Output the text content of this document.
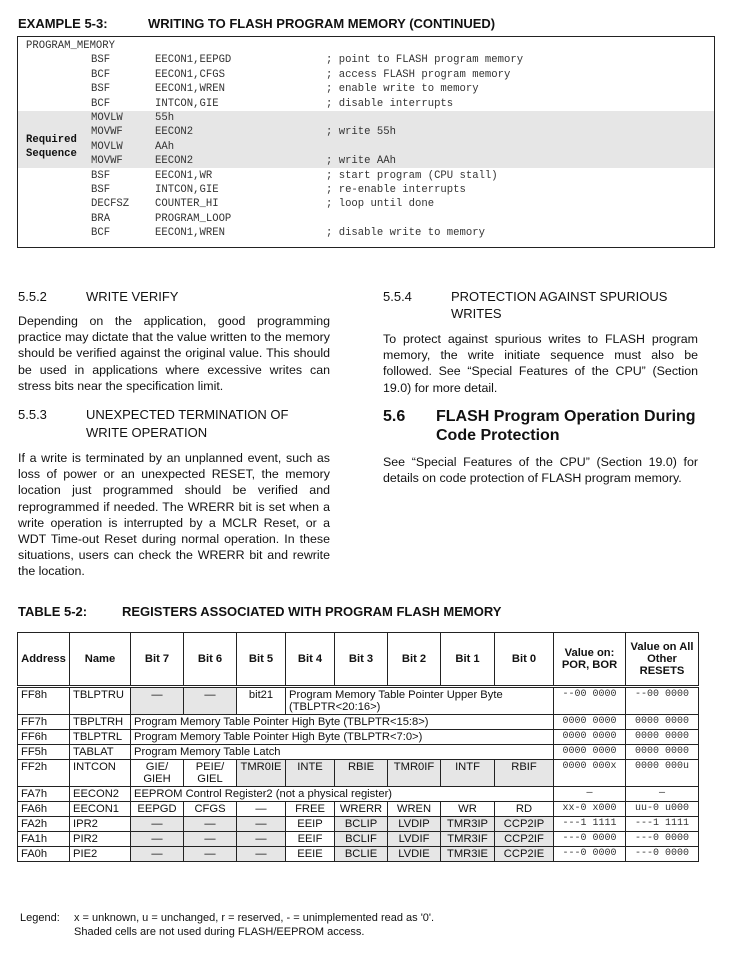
EXAMPLE 5-3:	WRITING TO FLASH PROGRAM MEMORY (CONTINUED)
Required
Sequence
PROGRAM_MEMORY
BSF	EECON1,EEPGD	; point to FLASH program memory
BCF	EECON1,CFGS	; access FLASH program memory
BSF	EECON1,WREN	; enable write to memory
BCF	INTCON,GIE	; disable interrupts
MOVLW	55h
MOVWF	EECON2	; write 55h
MOVLW	AAh
MOVWF	EECON2	; write AAh
BSF	EECON1,WR	; start program (CPU stall)
BSF	INTCON,GIE	; re-enable interrupts
DECFSZ COUNTER_HI	; loop until done
BRA	PROGRAM_LOOP
BCF	EECON1,WREN	; disable write to memory
5.5.2	WRITE VERIFY
Depending on the application, good programming practice may dictate that the value written to the memory should be verified against the original value. This should be used in applications where excessive writes can stress bits near the specification limit.
5.5.3	UNEXPECTED TERMINATION OF
WRITE OPERATION
If a write is terminated by an unplanned event, such as loss of power or an unexpected RESET, the memory location just programmed should be verified and reprogrammed if needed. The WRERR bit is set when a write operation is interrupted by a MCLR Reset, or a WDT Time-out Reset during normal operation. In these situations, users can check the WRERR bit and rewrite the location.
5.5.4	PROTECTION AGAINST SPURIOUS
WRITES
To protect against spurious writes to FLASH program memory, the write initiate sequence must also be followed. See “Special Features of the CPU” (Section 19.0) for more detail.
5.6 FLASH Program Operation During
Code Protection
See “Special Features of the CPU” (Section 19.0) for details on code protection of FLASH program memory.
TABLE 5-2:	REGISTERS ASSOCIATED WITH PROGRAM FLASH MEMORY
Address	Name	Bit 7	Bit 6	Bit 5	Bit 4	Bit 3	Bit 2	Bit 1	Bit 0	Value on: POR, BOR	Value on All Other RESETS
FF8h	TBLPTRU	—	—	bit21	Program Memory Table Pointer Upper Byte (TBLPTR<20:16>)					--00 0000	--00 0000
FF7h	TBPLTRH	Program Memory Table Pointer High Byte (TBLPTR<15:8>)								0000 0000	0000 0000
FF6h	TBLPTRL	Program Memory Table Pointer High Byte (TBLPTR<7:0>)								0000 0000	0000 0000
FF5h	TABLAT	Program Memory Table Latch								0000 0000	0000 0000
FF2h	INTCON	GIE/ GIEH	PEIE/ GIEL	TMR0IE	INTE	RBIE	TMR0IF	INTF	RBIF	0000 000x	0000 000u
FA7h	EECON2	EEPROM Control Register2 (not a physical register)								—	—
FA6h	EECON1	EEPGD	CFGS	—	FREE	WRERR	WREN	WR	RD	xx-0 x000	uu-0 u000
FA2h	IPR2	—	—	—	EEIP	BCLIP	LVDIP	TMR3IP	CCP2IP	---1 1111	---1 1111
FA1h	PIR2	—	—	—	EEIF	BCLIF	LVDIF	TMR3IF	CCP2IF	---0 0000	---0 0000
FA0h	PIE2	—	—	—	EEIE	BCLIE	LVDIE	TMR3IE	CCP2IE	---0 0000	---0 0000
Legend: x = unknown, u = unchanged, r = reserved, - = unimplemented read as '0'.
Shaded cells are not used during FLASH/EEPROM access.
